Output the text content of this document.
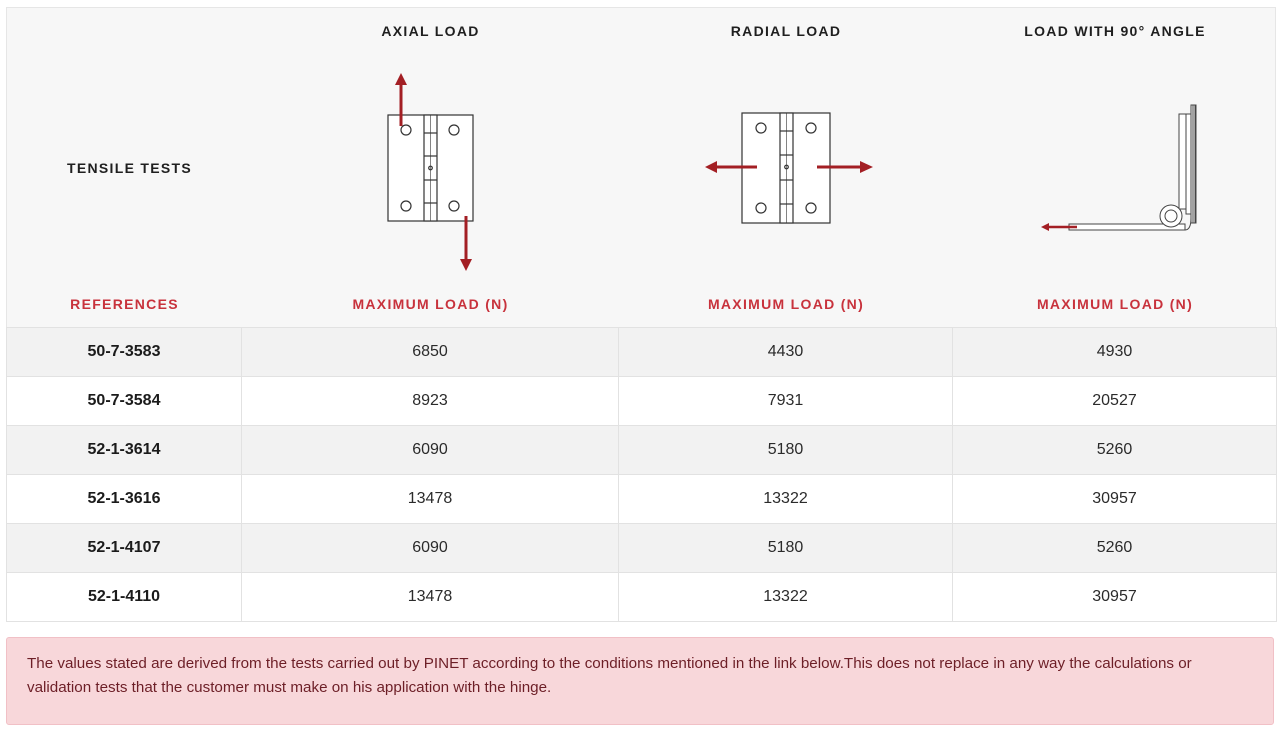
TENSILE TESTS
AXIAL LOAD	RADIAL LOAD	LOAD WITH 90° ANGLE
REFERENCES	MAXIMUM LOAD (N)	MAXIMUM LOAD (N)	MAXIMUM LOAD (N)
50-7-3583	6850	4430	4930
50-7-3584	8923	7931	20527
52-1-3614	6090	5180	5260
52-1-3616	13478	13322	30957
52-1-4107	6090	5180	5260
52-1-4110	13478	13322	30957
The values stated are derived from the tests carried out by PINET according to the conditions mentioned in the link below.This does not replace in any way the calculations or validation tests that the customer must make on his application with the hinge.
